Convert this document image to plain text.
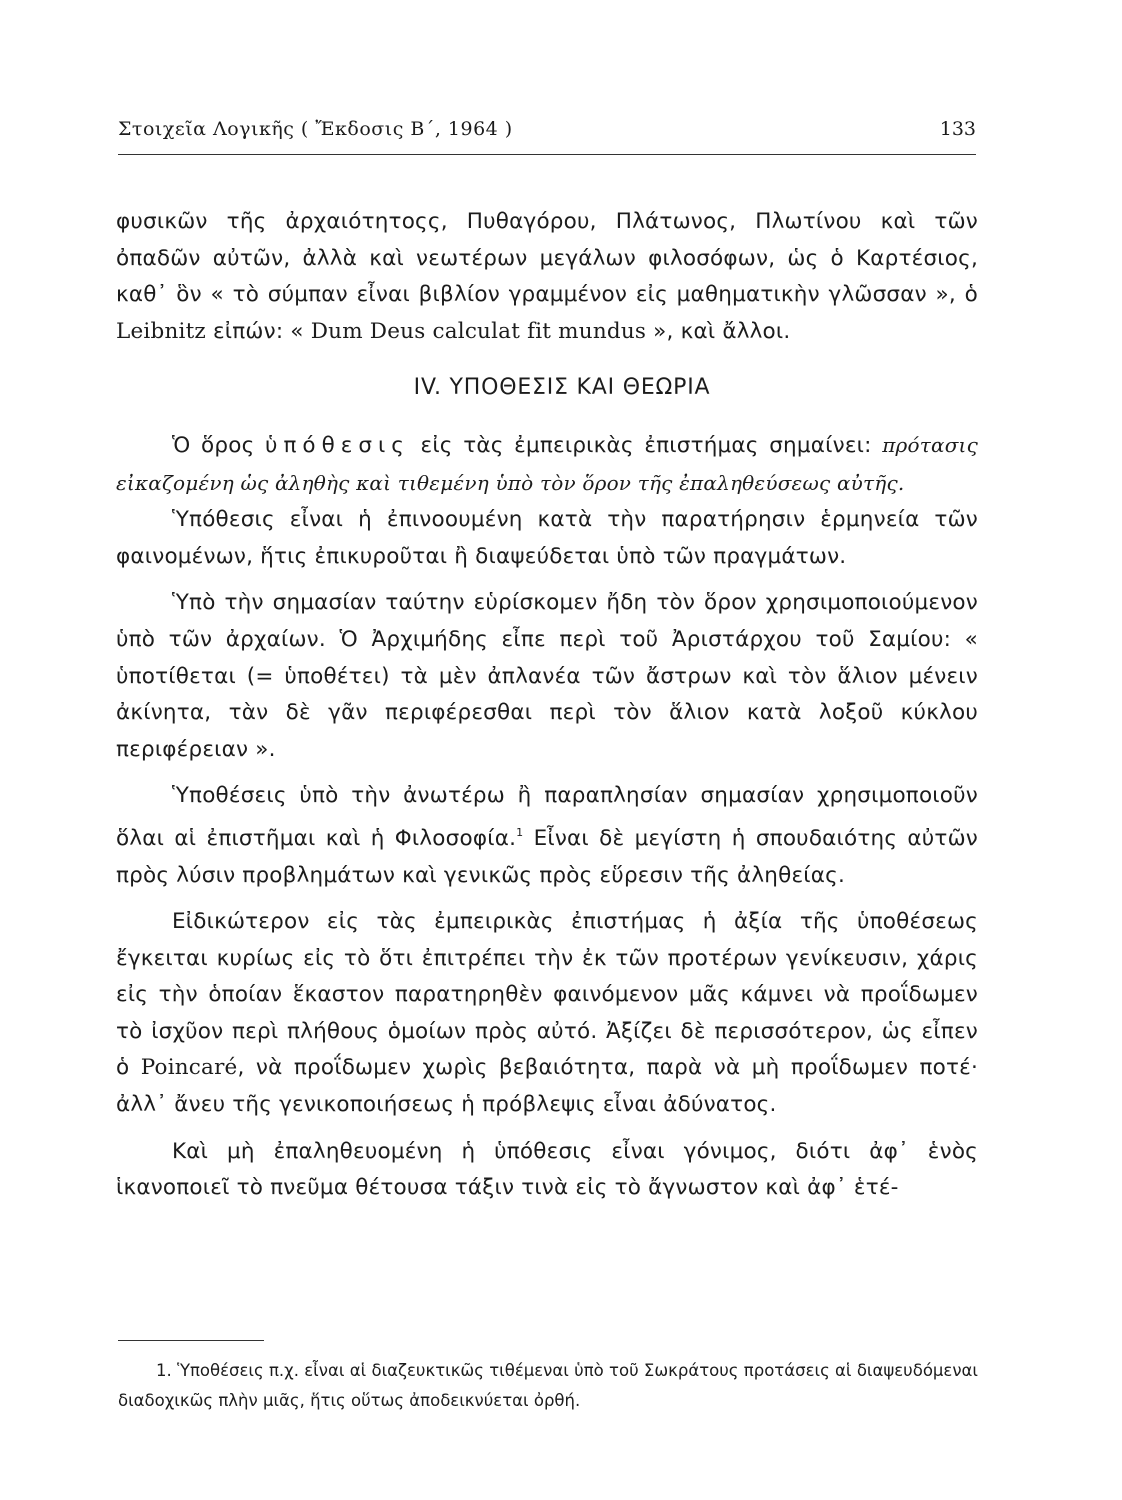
Στοιχεῖα Λογικῆς ( Ἔκδοσις Β΄, 1964 )	133

φυσικῶν τῆς ἀρχαιότητοςς, Πυθαγόρου, Πλάτωνος, Πλωτίνου καὶ τῶν ὀπαδῶν αὐτῶν, ἀλλὰ καὶ νεωτέρων μεγάλων φιλοσόφων, ὡς ὁ Καρτέσιος, καθ᾿ ὃν « τὸ σύμπαν εἶναι βιβλίον γραμμένον εἰς μαθηματικὴν γλῶσσαν », ὁ Leibnitz εἰπών: « Dum Deus calculat fit mundus », καὶ ἄλλοι.

IV. ΥΠΟΘΕΣΙΣ ΚΑΙ ΘΕΩΡΙΑ

Ὁ ὅρος ὑπόθεσις εἰς τὰς ἐμπειρικὰς ἐπιστήμας σημαίνει: πρότασις εἰκαζομένη ὡς ἀληθὴς καὶ τιθεμένη ὑπὸ τὸν ὅρον τῆς ἐπαληθεύσεως αὐτῆς.

Ὑπόθεσις εἶναι ἡ ἐπινοουμένη κατὰ τὴν παρατήρησιν ἑρμηνεία τῶν φαινομένων, ἥτις ἐπικυροῦται ἢ διαψεύδεται ὑπὸ τῶν πραγμάτων.

Ὑπὸ τὴν σημασίαν ταύτην εὑρίσκομεν ἤδη τὸν ὅρον χρησιμοποιούμενον ὑπὸ τῶν ἀρχαίων. Ὁ Ἀρχιμήδης εἶπε περὶ τοῦ Ἀριστάρχου τοῦ Σαμίου: « ὑποτίθεται (= ὑποθέτει) τὰ μὲν ἀπλανέα τῶν ἄστρων καὶ τὸν ἅλιον μένειν ἀκίνητα, τὰν δὲ γᾶν περιφέρεσθαι περὶ τὸν ἅλιον κατὰ λοξοῦ κύκλου περιφέρειαν ».

Ὑποθέσεις ὑπὸ τὴν ἀνωτέρω ἢ παραπλησίαν σημασίαν χρησιμοποιοῦν ὅλαι αἱ ἐπιστῆμαι καὶ ἡ Φιλοσοφία.$^1$ Εἶναι δὲ μεγίστη ἡ σπουδαιότης αὐτῶν πρὸς λύσιν προβλημάτων καὶ γενικῶς πρὸς εὕρεσιν τῆς ἀληθείας.

Εἰδικώτερον εἰς τὰς ἐμπειρικὰς ἐπιστήμας ἡ ἀξία τῆς ὑποθέσεως ἔγκειται κυρίως εἰς τὸ ὅτι ἐπιτρέπει τὴν ἐκ τῶν προτέρων γενίκευσιν, χάρις εἰς τὴν ὁποίαν ἕκαστον παρατηρηθὲν φαινόμενον μᾶς κάμνει νὰ προΐδωμεν τὸ ἰσχῦον περὶ πλήθους ὁμοίων πρὸς αὐτό. Ἀξίζει δὲ περισσότερον, ὡς εἶπεν ὁ Poincaré, νὰ προΐδωμεν χωρὶς βεβαιότητα, παρὰ νὰ μὴ προΐδωμεν ποτέ· ἀλλ᾿ ἄνευ τῆς γενικοποιήσεως ἡ πρόβλεψις εἶναι ἀδύνατος.

Καὶ μὴ ἐπαληθευομένη ἡ ὑπόθεσις εἶναι γόνιμος, διότι ἀφ᾿ ἑνὸς ἱκανοποιεῖ τὸ πνεῦμα θέτουσα τάξιν τινὰ εἰς τὸ ἄγνωστον καὶ ἀφ᾿ ἑτέ-

1. Ὑποθέσεις π.χ. εἶναι αἱ διαζευκτικῶς τιθέμεναι ὑπὸ τοῦ Σωκράτους προτάσεις αἱ διαψευδόμεναι διαδοχικῶς πλὴν μιᾶς, ἥτις οὕτως ἀποδεικνύεται ὀρθή.
